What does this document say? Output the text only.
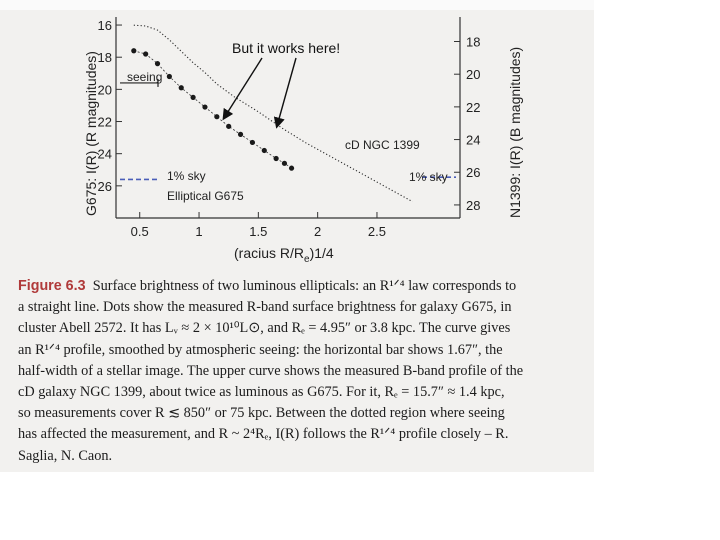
0.5	1	1.5	2	2.5
16
18
20
22
24
26
18
20
22
24
26
28
G675: I(R) (R magnitudes)	N1399: I(R) (B magnitudes)
(racius $R/R_e)1/4$
seeing
1% sky	1% sky
Elliptical G675
cD NGC 1399
But it works here!
Figure 6.3 Surface brightness of two luminous ellipticals: an R¹ᐟ⁴ law corresponds to
a straight line. Dots show the measured R-band surface brightness for galaxy G675, in
cluster Abell 2572. It has Lᵥ ≈ 2 × 10¹⁰L⊙, and Rₑ = 4.95″ or 3.8 kpc. The curve gives
an R¹ᐟ⁴ profile, smoothed by atmospheric seeing: the horizontal bar shows 1.67″, the
half-width of a stellar image. The upper curve shows the measured B-band profile of the
cD galaxy NGC 1399, about twice as luminous as G675. For it, Rₑ = 15.7″ ≈ 1.4 kpc,
so measurements cover R ≲ 850″ or 75 kpc. Between the dotted region where seeing
has affected the measurement, and R ~ 2⁴Rₑ, I(R) follows the R¹ᐟ⁴ profile closely – R.
Saglia, N. Caon.
